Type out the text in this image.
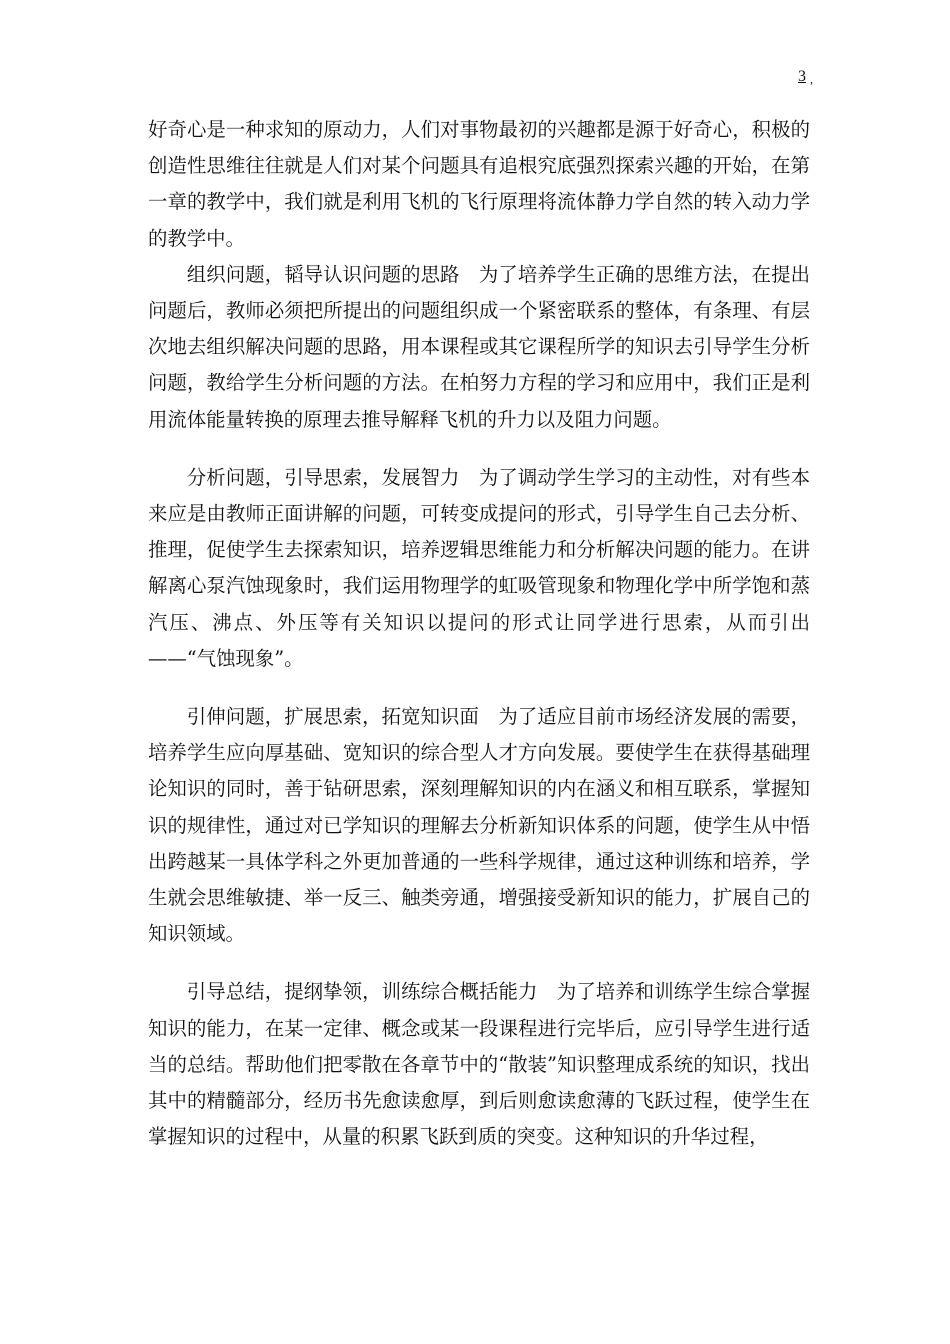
3 ,

好奇心是一种求知的原动力，人们对事物最初的兴趣都是源于好奇心，积极的创造性思维往往就是人们对某个问题具有追根究底强烈探索兴趣的开始，在第一章的教学中，我们就是利用飞机的飞行原理将流体静力学自然的转入动力学的教学中。

组织问题，韬导认识问题的思路 为了培养学生正确的思维方法，在提出问题后，教师必须把所提出的问题组织成一个紧密联系的整体，有条理、有层次地去组织解决问题的思路，用本课程或其它课程所学的知识去引导学生分析问题，教给学生分析问题的方法。在柏努力方程的学习和应用中，我们正是利用流体能量转换的原理去推导解释飞机的升力以及阻力问题。

分析问题，引导思索，发展智力 为了调动学生学习的主动性，对有些本来应是由教师正面讲解的问题，可转变成提问的形式，引导学生自己去分析、推理，促使学生去探索知识，培养逻辑思维能力和分析解决问题的能力。在讲解离心泵汽蚀现象时，我们运用物理学的虹吸管现象和物理化学中所学饱和蒸汽压、沸点、外压等有关知识以提问的形式让同学进行思索，从而引出——“气蚀现象”。

引伸问题，扩展思索，拓宽知识面 为了适应目前市场经济发展的需要，培养学生应向厚基础、宽知识的综合型人才方向发展。要使学生在获得基础理论知识的同时，善于钻研思索，深刻理解知识的内在涵义和相互联系，掌握知识的规律性，通过对已学知识的理解去分析新知识体系的问题，使学生从中悟出跨越某一具体学科之外更加普通的一些科学规律，通过这种训练和培养，学生就会思维敏捷、举一反三、触类旁通，增强接受新知识的能力，扩展自己的知识领域。

引导总结，提纲挚领，训练综合概括能力 为了培养和训练学生综合掌握知识的能力，在某一定律、概念或某一段课程进行完毕后，应引导学生进行适当的总结。帮助他们把零散在各章节中的“散装”知识整理成系统的知识，找出其中的精髓部分，经历书先愈读愈厚，到后则愈读愈薄的飞跃过程，使学生在掌握知识的过程中，从量的积累飞跃到质的突变。这种知识的升华过程，
